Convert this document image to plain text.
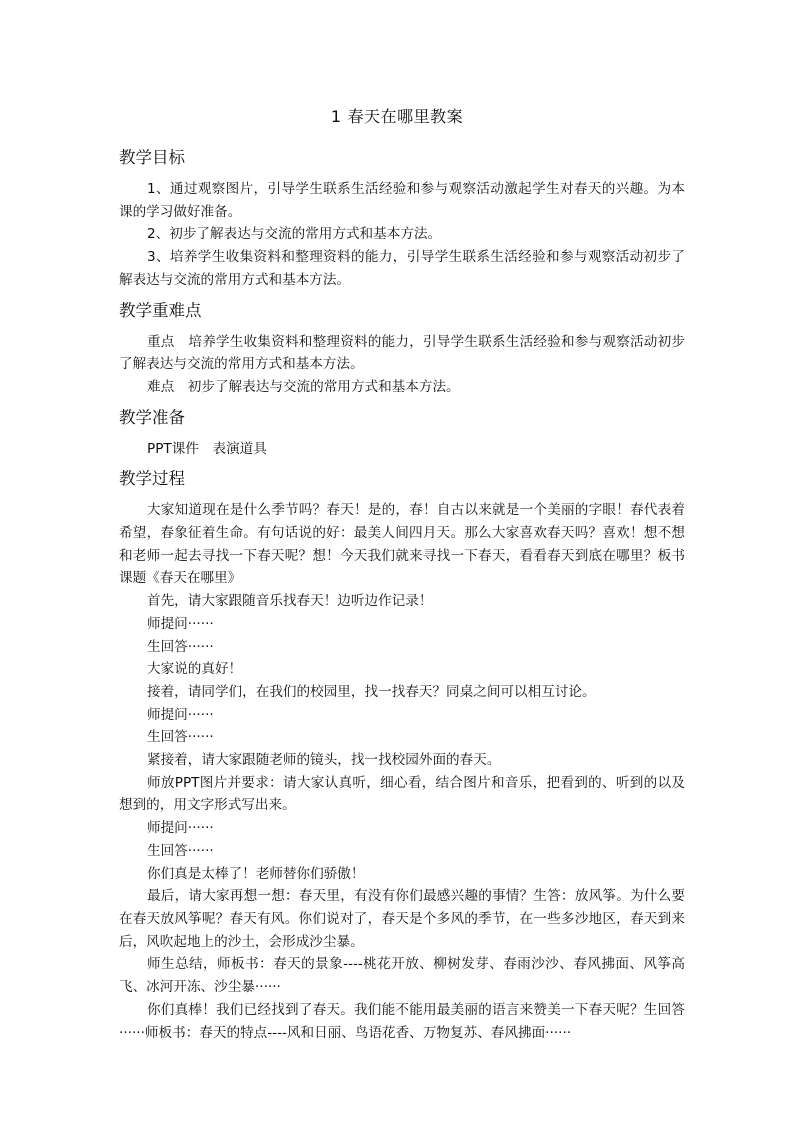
1 春天在哪里教案
教学目标

1、通过观察图片，引导学生联系生活经验和参与观察活动激起学生对春天的兴趣。为本课的学习做好准备。

2、初步了解表达与交流的常用方式和基本方法。

3、培养学生收集资料和整理资料的能力，引导学生联系生活经验和参与观察活动初步了解表达与交流的常用方式和基本方法。

教学重难点

重点　培养学生收集资料和整理资料的能力，引导学生联系生活经验和参与观察活动初步了解表达与交流的常用方式和基本方法。

难点　初步了解表达与交流的常用方式和基本方法。

教学准备

PPT课件　表演道具

教学过程

大家知道现在是什么季节吗？春天！是的，春！自古以来就是一个美丽的字眼！春代表着希望，春象征着生命。有句话说的好：最美人间四月天。那么大家喜欢春天吗？喜欢！想不想和老师一起去寻找一下春天呢？想！今天我们就来寻找一下春天，看看春天到底在哪里？板书课题《春天在哪里》

首先，请大家跟随音乐找春天！边听边作记录！

师提问······

生回答······

大家说的真好！

接着，请同学们，在我们的校园里，找一找春天？同桌之间可以相互讨论。

师提问······

生回答······

紧接着，请大家跟随老师的镜头，找一找校园外面的春天。

师放PPT图片并要求：请大家认真听，细心看，结合图片和音乐，把看到的、听到的以及想到的，用文字形式写出来。

师提问······

生回答······

你们真是太棒了！老师替你们骄傲！

最后，请大家再想一想：春天里，有没有你们最感兴趣的事情？生答：放风筝。为什么要在春天放风筝呢？春天有风。你们说对了，春天是个多风的季节，在一些多沙地区，春天到来后，风吹起地上的沙土，会形成沙尘暴。

师生总结，师板书：春天的景象----桃花开放、柳树发芽、春雨沙沙、春风拂面、风筝高飞、冰河开冻、沙尘暴······

你们真棒！我们已经找到了春天。我们能不能用最美丽的语言来赞美一下春天呢？生回答······师板书：春天的特点----风和日丽、鸟语花香、万物复苏、春风拂面······
